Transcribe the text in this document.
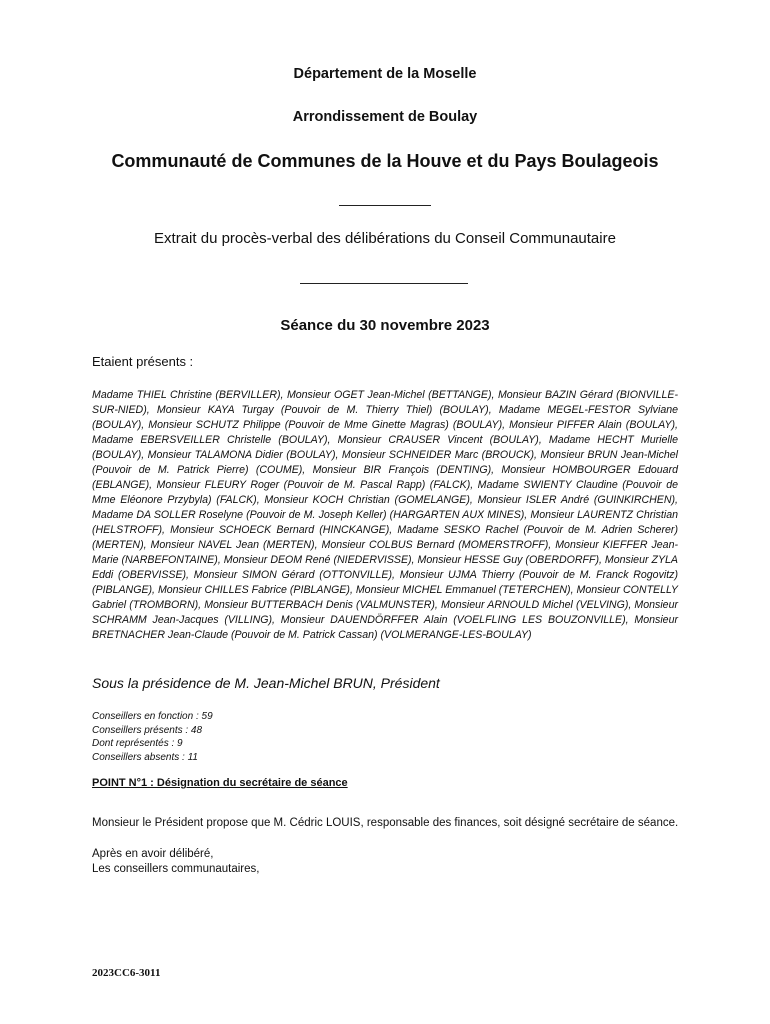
Département de la Moselle
Arrondissement de Boulay
Communauté de Communes de la Houve et du Pays Boulageois
Extrait du procès-verbal des délibérations du Conseil Communautaire
Séance du 30 novembre 2023
Etaient présents :
Madame THIEL Christine (BERVILLER), Monsieur OGET Jean-Michel (BETTANGE), Monsieur BAZIN Gérard (BIONVILLE-SUR-NIED), Monsieur KAYA Turgay (Pouvoir de M. Thierry Thiel) (BOULAY), Madame MEGEL-FESTOR Sylviane (BOULAY), Monsieur SCHUTZ Philippe (Pouvoir de Mme Ginette Magras) (BOULAY), Monsieur PIFFER Alain (BOULAY), Madame EBERSVEILLER Christelle (BOULAY), Monsieur CRAUSER Vincent (BOULAY), Madame HECHT Murielle (BOULAY), Monsieur TALAMONA Didier (BOULAY), Monsieur SCHNEIDER Marc (BROUCK), Monsieur BRUN Jean-Michel (Pouvoir de M. Patrick Pierre) (COUME), Monsieur BIR François (DENTING), Monsieur HOMBOURGER Edouard (EBLANGE), Monsieur FLEURY Roger (Pouvoir de M. Pascal Rapp) (FALCK), Madame SWIENTY Claudine (Pouvoir de Mme Eléonore Przybyla) (FALCK), Monsieur KOCH Christian (GOMELANGE), Monsieur ISLER André (GUINKIRCHEN), Madame DA SOLLER Roselyne (Pouvoir de M. Joseph Keller) (HARGARTEN AUX MINES), Monsieur LAURENTZ Christian (HELSTROFF), Monsieur SCHOECK Bernard (HINCKANGE), Madame SESKO Rachel (Pouvoir de M. Adrien Scherer) (MERTEN), Monsieur NAVEL Jean (MERTEN), Monsieur COLBUS Bernard (MOMERSTROFF), Monsieur KIEFFER Jean-Marie (NARBEFONTAINE), Monsieur DEOM René (NIEDERVISSE), Monsieur HESSE Guy (OBERDORFF), Monsieur ZYLA Eddi (OBERVISSE), Monsieur SIMON Gérard (OTTONVILLE), Monsieur UJMA Thierry (Pouvoir de M. Franck Rogovitz) (PIBLANGE), Monsieur CHILLES Fabrice (PIBLANGE), Monsieur MICHEL Emmanuel (TETERCHEN), Monsieur CONTELLY Gabriel (TROMBORN), Monsieur BUTTERBACH Denis (VALMUNSTER), Monsieur ARNOULD Michel (VELVING), Monsieur SCHRAMM Jean-Jacques (VILLING), Monsieur DAUENDÖRFFER Alain (VOELFLING LES BOUZONVILLE), Monsieur BRETNACHER Jean-Claude (Pouvoir de M. Patrick Cassan) (VOLMERANGE-LES-BOULAY)
Sous la présidence de M. Jean-Michel BRUN, Président
Conseillers en fonction : 59
Conseillers présents : 48
Dont représentés : 9
Conseillers absents : 11
POINT N°1 : Désignation du secrétaire de séance
Monsieur le Président propose que M. Cédric LOUIS, responsable des finances, soit désigné secrétaire de séance.
Après en avoir délibéré,
Les conseillers communautaires,
2023CC6-3011
